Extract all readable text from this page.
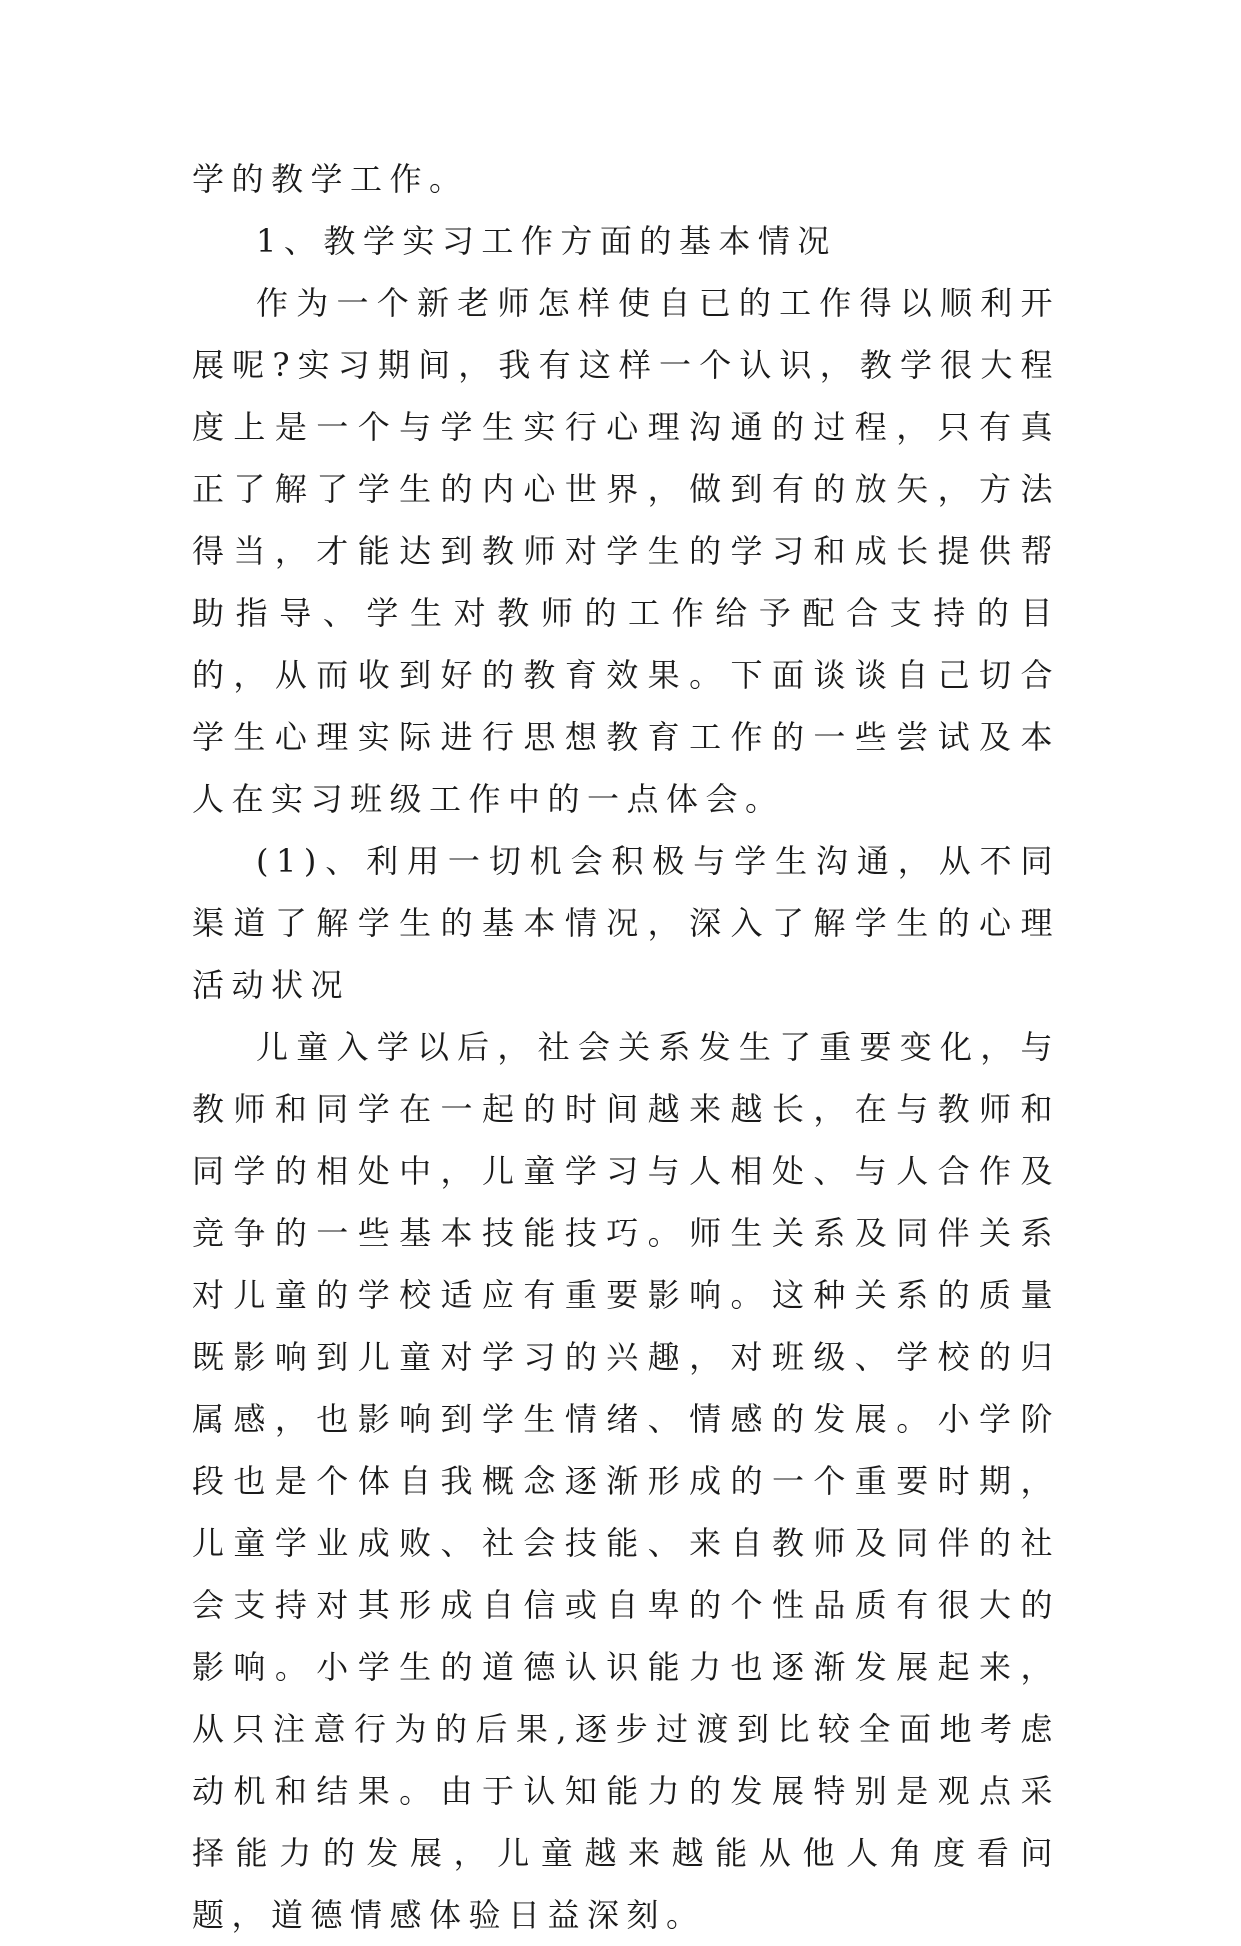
学的教学工作。

1、教学实习工作方面的基本情况

作为一个新老师怎样使自已的工作得以顺利开展呢?实习期间，我有这样一个认识，教学很大程度上是一个与学生实行心理沟通的过程，只有真正了解了学生的内心世界，做到有的放矢，方法得当，才能达到教师对学生的学习和成长提供帮助指导、学生对教师的工作给予配合支持的目的，从而收到好的教育效果。下面谈谈自己切合学生心理实际进行思想教育工作的一些尝试及本人在实习班级工作中的一点体会。

(1)、利用一切机会积极与学生沟通，从不同渠道了解学生的基本情况，深入了解学生的心理活动状况

儿童入学以后，社会关系发生了重要变化，与教师和同学在一起的时间越来越长，在与教师和同学的相处中，儿童学习与人相处、与人合作及竞争的一些基本技能技巧。师生关系及同伴关系对儿童的学校适应有重要影响。这种关系的质量既影响到儿童对学习的兴趣，对班级、学校的归属感，也影响到学生情绪、情感的发展。小学阶段也是个体自我概念逐渐形成的一个重要时期，儿童学业成败、社会技能、来自教师及同伴的社会支持对其形成自信或自卑的个性品质有很大的影响。小学生的道德认识能力也逐渐发展起来，从只注意行为的后果,逐步过渡到比较全面地考虑动机和结果。由于认知能力的发展特别是观点采择能力的发展，儿童越来越能从他人角度看问题，道德情感体验日益深刻。
